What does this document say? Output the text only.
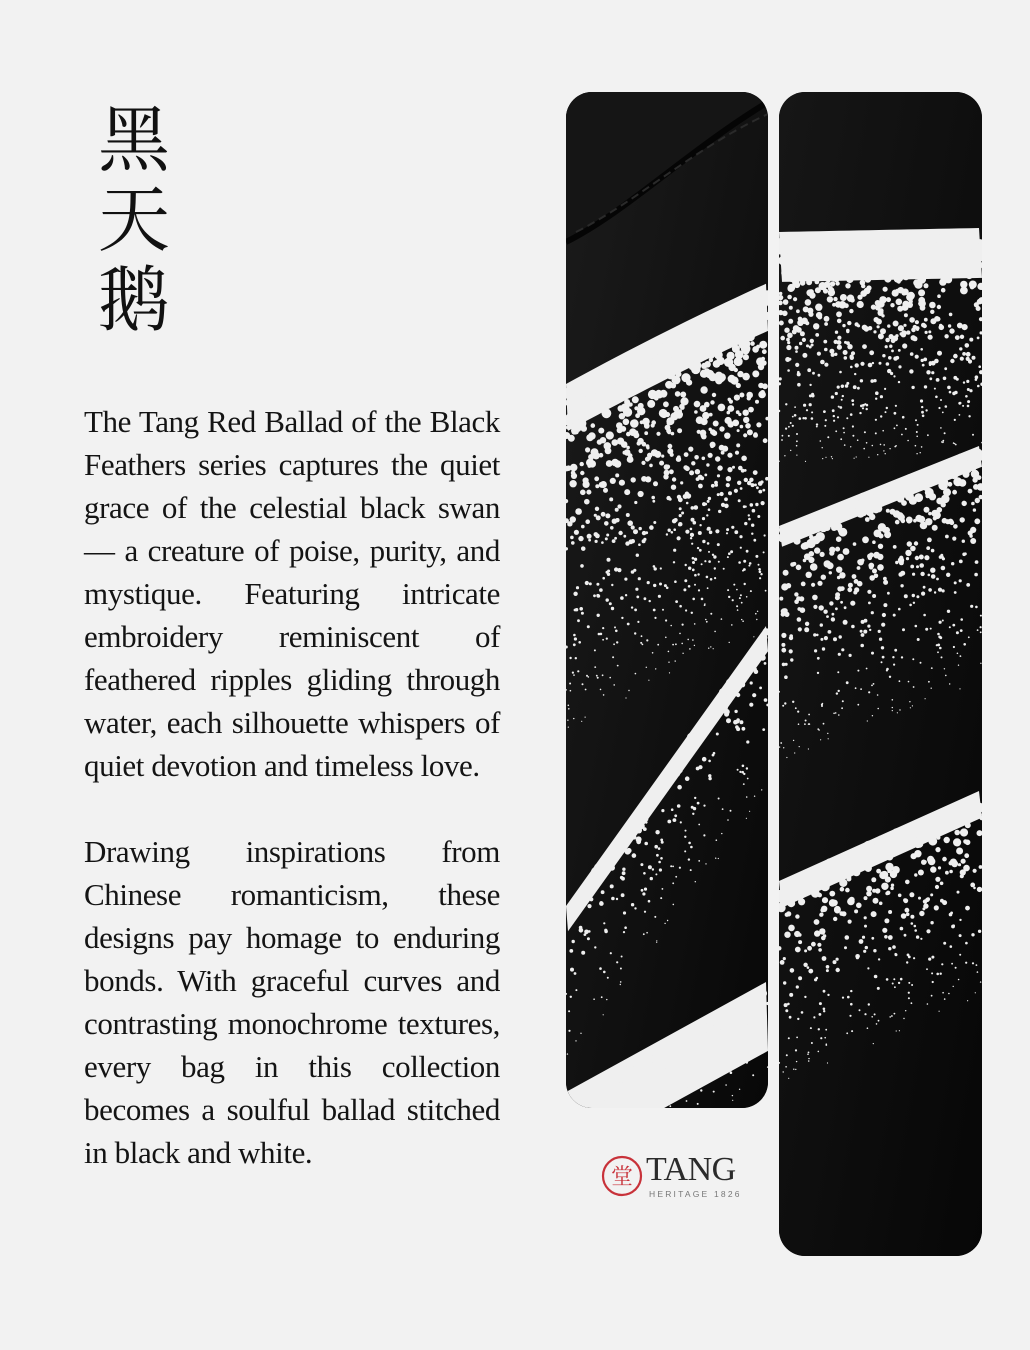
黑
天
鹅

The Tang Red Ballad of the Black Feathers series captures the quiet grace of the celestial black swan — a creature of poise, purity, and mystique. Featuring intricate embroidery reminiscent of feathered ripples gliding through water, each silhouette whispers of quiet devotion and timeless love.

Drawing inspirations from Chinese romanticism, these designs pay homage to enduring bonds. With graceful curves and contrasting monochrome textures, every bag in this collection becomes a soulful ballad stitched in black and white.

堂 TANG
HERITAGE 1826
